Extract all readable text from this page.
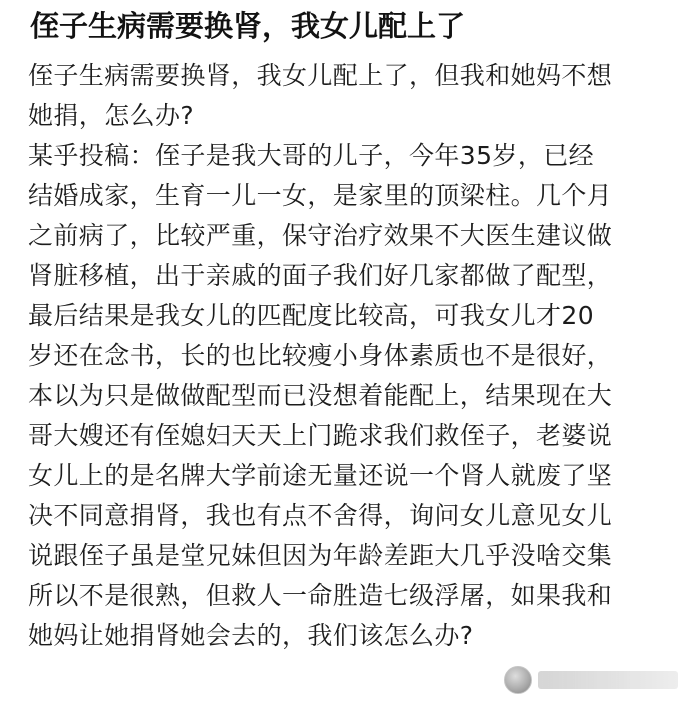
侄子生病需要换肾，我女儿配上了
侄子生病需要换肾，我女儿配上了，但我和她妈不想
她捐，怎么办?
某乎投稿：侄子是我大哥的儿子，今年35岁，已经
结婚成家，生育一儿一女，是家里的顶梁柱。几个月
之前病了，比较严重，保守治疗效果不大医生建议做
肾脏移植，出于亲戚的面子我们好几家都做了配型，
最后结果是我女儿的匹配度比较高，可我女儿才20
岁还在念书，长的也比较瘦小身体素质也不是很好，
本以为只是做做配型而已没想着能配上，结果现在大
哥大嫂还有侄媳妇天天上门跪求我们救侄子，老婆说
女儿上的是名牌大学前途无量还说一个肾人就废了坚
决不同意捐肾，我也有点不舍得，询问女儿意见女儿
说跟侄子虽是堂兄妹但因为年龄差距大几乎没啥交集
所以不是很熟，但救人一命胜造七级浮屠，如果我和
她妈让她捐肾她会去的，我们该怎么办?
